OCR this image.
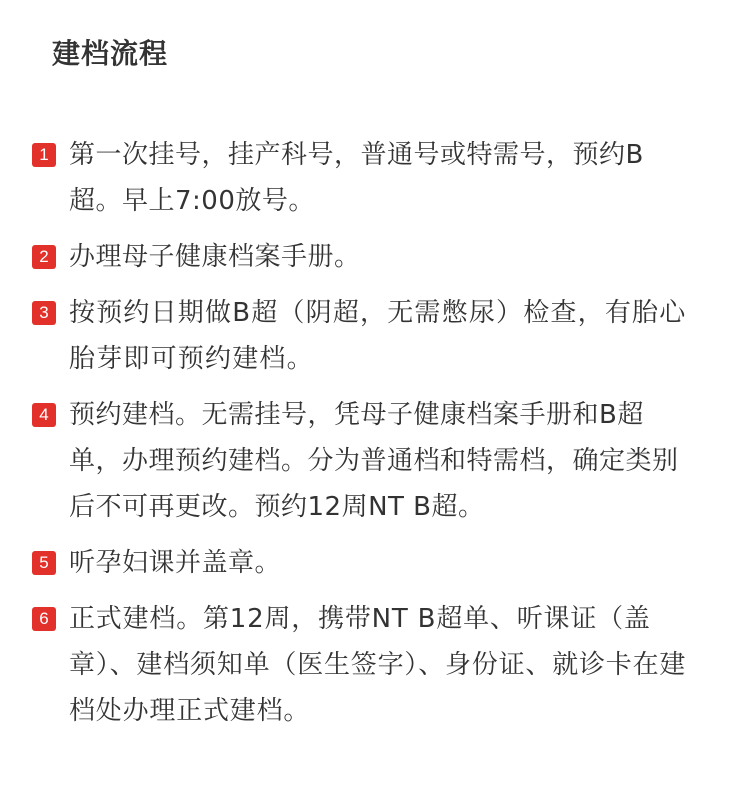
建档流程
1 第一次挂号，挂产科号，普通号或特需号，预约B超。早上7:00放号。
2 办理母子健康档案手册。
3 按预约日期做B超（阴超，无需憋尿）检查，有胎心胎芽即可预约建档。
4 预约建档。无需挂号，凭母子健康档案手册和B超单，办理预约建档。分为普通档和特需档，确定类别后不可再更改。预约12周NT B超。
5 听孕妇课并盖章。
6 正式建档。第12周，携带NT B超单、听课证（盖章）、建档须知单（医生签字）、身份证、就诊卡在建档处办理正式建档。
